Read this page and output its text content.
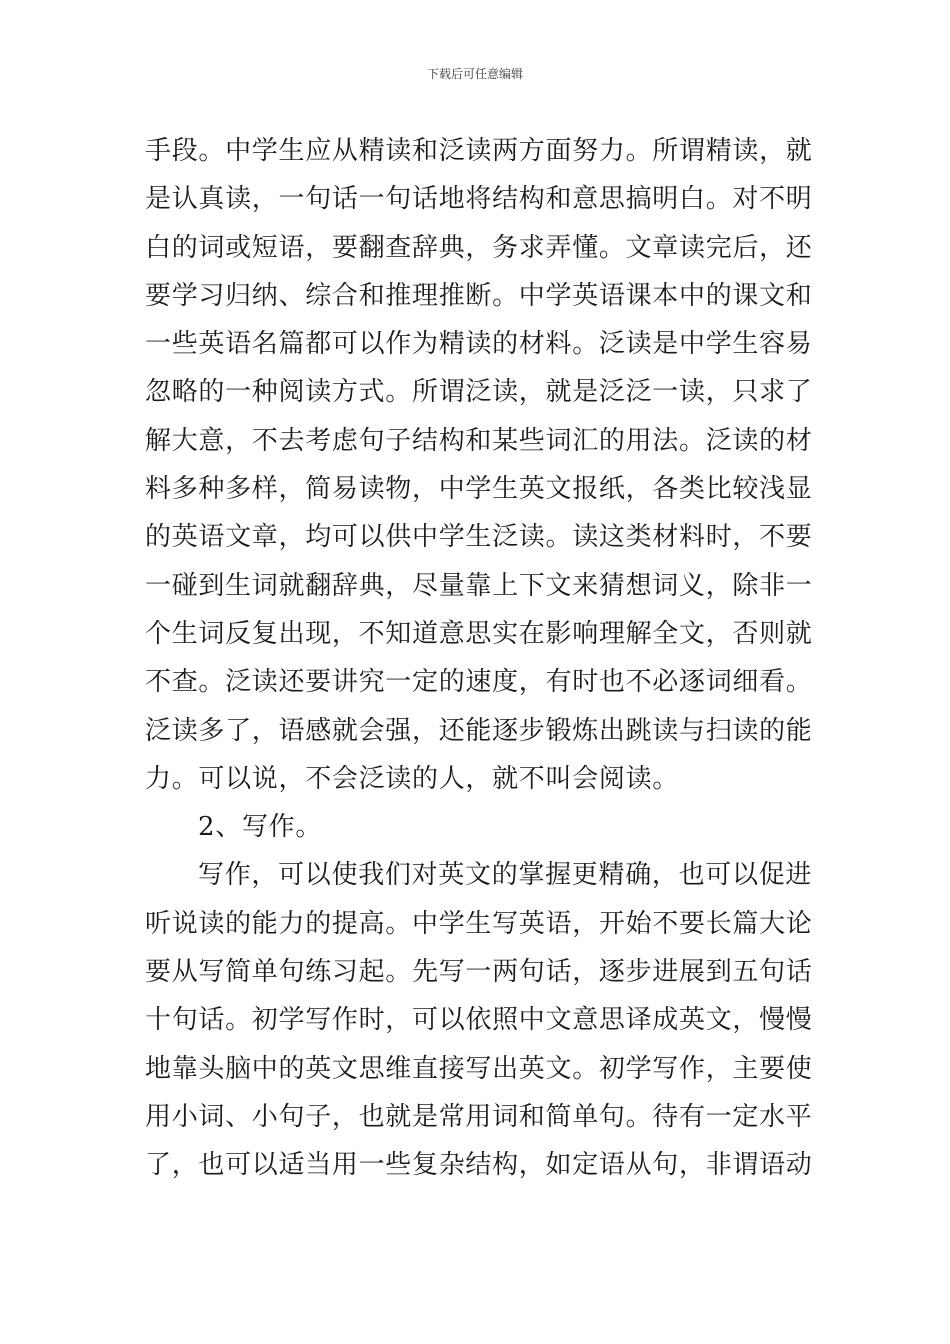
下载后可任意编辑
手段。中学生应从精读和泛读两方面努力。所谓精读，就
是认真读，一句话一句话地将结构和意思搞明白。对不明
白的词或短语，要翻查辞典，务求弄懂。文章读完后，还
要学习归纳、综合和推理推断。中学英语课本中的课文和
一些英语名篇都可以作为精读的材料。泛读是中学生容易
忽略的一种阅读方式。所谓泛读，就是泛泛一读，只求了
解大意，不去考虑句子结构和某些词汇的用法。泛读的材
料多种多样，简易读物，中学生英文报纸，各类比较浅显
的英语文章，均可以供中学生泛读。读这类材料时，不要
一碰到生词就翻辞典，尽量靠上下文来猜想词义，除非一
个生词反复出现，不知道意思实在影响理解全文，否则就
不查。泛读还要讲究一定的速度，有时也不必逐词细看。
泛读多了，语感就会强，还能逐步锻炼出跳读与扫读的能
力。可以说，不会泛读的人，就不叫会阅读。
2、写作。
写作，可以使我们对英文的掌握更精确，也可以促进
听说读的能力的提高。中学生写英语，开始不要长篇大论
要从写简单句练习起。先写一两句话，逐步进展到五句话
十句话。初学写作时，可以依照中文意思译成英文，慢慢
地靠头脑中的英文思维直接写出英文。初学写作，主要使
用小词、小句子，也就是常用词和简单句。待有一定水平
了，也可以适当用一些复杂结构，如定语从句，非谓语动
